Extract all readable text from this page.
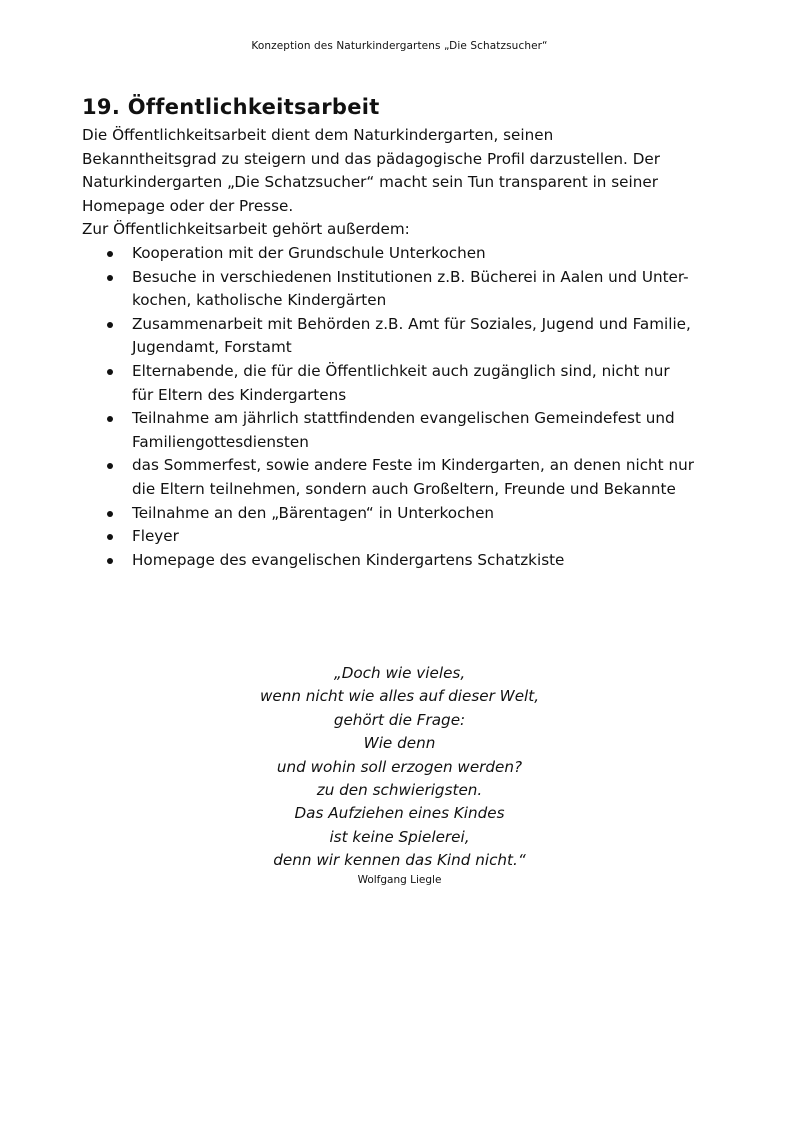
Konzeption des Naturkindergartens „Die Schatzsucher“
19. Öffentlichkeitsarbeit

Die Öffentlichkeitsarbeit dient dem Naturkindergarten, seinen

Bekanntheitsgrad zu steigern und das pädagogische Profil darzustellen. Der

Naturkindergarten „Die Schatzsucher“ macht sein Tun transparent in seiner

Homepage oder der Presse.

Zur Öffentlichkeitsarbeit gehört außerdem:

Kooperation mit der Grundschule Unterkochen
Besuche in verschiedenen Institutionen z.B. Bücherei in Aalen und Unter-
kochen, katholische Kindergärten
Zusammenarbeit mit Behörden z.B. Amt für Soziales, Jugend und Familie,
Jugendamt, Forstamt
Elternabende, die für die Öffentlichkeit auch zugänglich sind, nicht nur
für Eltern des Kindergartens
Teilnahme am jährlich stattfindenden evangelischen Gemeindefest und
Familiengottesdiensten
das Sommerfest, sowie andere Feste im Kindergarten, an denen nicht nur
die Eltern teilnehmen, sondern auch Großeltern, Freunde und Bekannte
Teilnahme an den „Bärentagen“ in Unterkochen
Fleyer
Homepage des evangelischen Kindergartens Schatzkiste

„Doch wie vieles,

wenn nicht wie alles auf dieser Welt,

gehört die Frage:

Wie denn

und wohin soll erzogen werden?

zu den schwierigsten.

Das Aufziehen eines Kindes

ist keine Spielerei,

denn wir kennen das Kind nicht.“

Wolfgang Liegle
